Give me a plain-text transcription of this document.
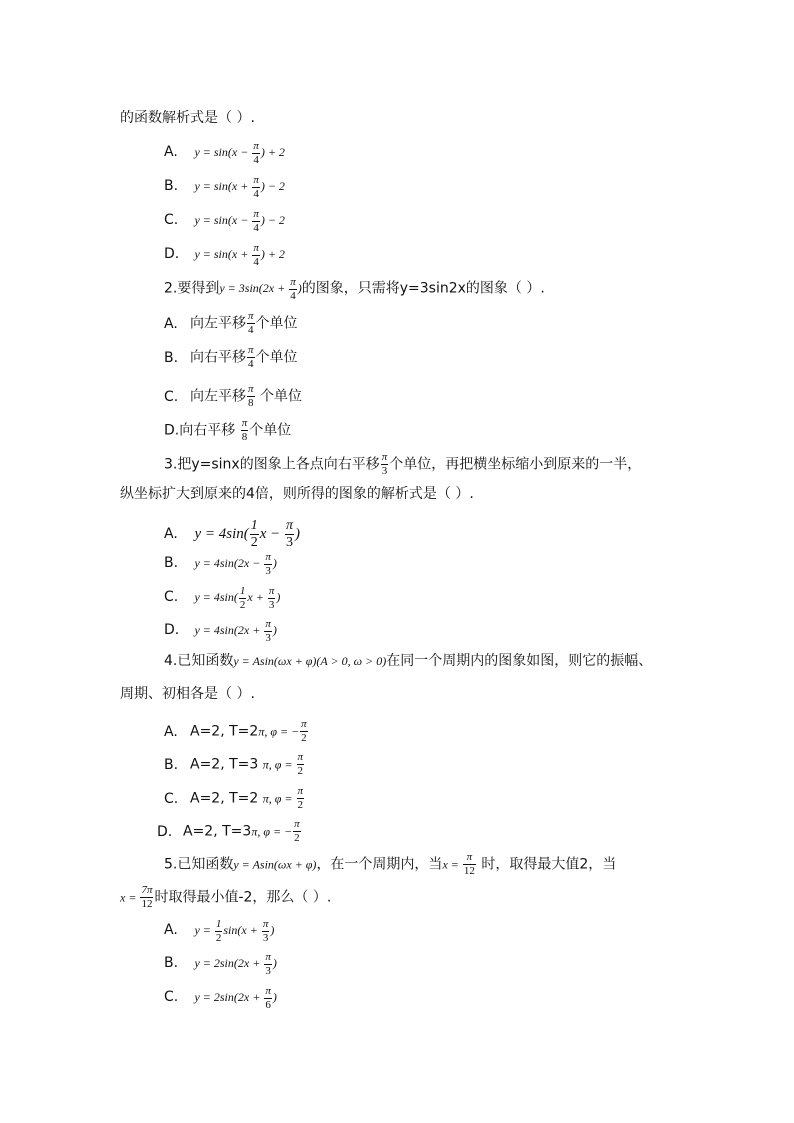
的函数解析式是（ ）.
A. $y = \sin(x - \frac{\pi}{4}$ ) + 2
B. $y = \sin(x + \frac{\pi}{4}$ ) − 2
C. $y = \sin(x - \frac{\pi}{4}$ ) − 2
D. $y = \sin(x + \frac{\pi}{4}$ ) + 2
2.要得到$y = 3\sin(2x + \frac{\pi}{4}$ )的图象，只需将y=3sin2x的图象（ ）.
A. 向左平移 $\frac{\pi}{4}$ 个单位
B. 向右平移 $\frac{\pi}{4}$ 个单位
C. 向左平移 $\frac{\pi}{8}$ 个单位
D.向右平移 $\frac{\pi}{8}$ 个单位
3.把y=sinx的图象上各点向右平移 $\frac{\pi}{3}$ 个单位，再把横坐标缩小到原来的一半，
纵坐标扩大到原来的4倍，则所得的图象的解析式是（ ）.
A. $y = 4\sin( \frac{1}{2}$ $x - \frac{\pi}{3}$ )
B. $y = 4\sin(2x - \frac{\pi}{3}$ )
C. $y = 4\sin( \frac{1}{2}$ $x + \frac{\pi}{3}$ )
D. $y = 4\sin(2x + \frac{\pi}{3}$ )
4.已知函数y = Asin(ωx + φ)(A > 0, ω > 0)在同一个周期内的图象如图，则它的振幅、
周期、初相各是（ ）.
A. A=2, T=2π, φ = − $\frac{\pi}{2}$
B. A=2, T=3 π, $\varphi = \frac{\pi}{2}$
C. A=2, T=2 π, $\varphi = \frac{\pi}{2}$
D. A=2, T=3π, φ = − $\frac{\pi}{2}$
5.已知函数y = Asin(ωx + φ)，在一个周期内，当$x = \frac{\pi}{12}$ 时，取得最大值2，当
$x = \frac{7\pi}{12}$ 时取得最小值-2，那么（ ）.
A. $y = \frac{1}{2} \sin(x + \frac{\pi}{3}$ )
B. $y = 2\sin(2x + \frac{\pi}{3}$ )
C. $y = 2\sin(2x + \frac{\pi}{6}$ )
